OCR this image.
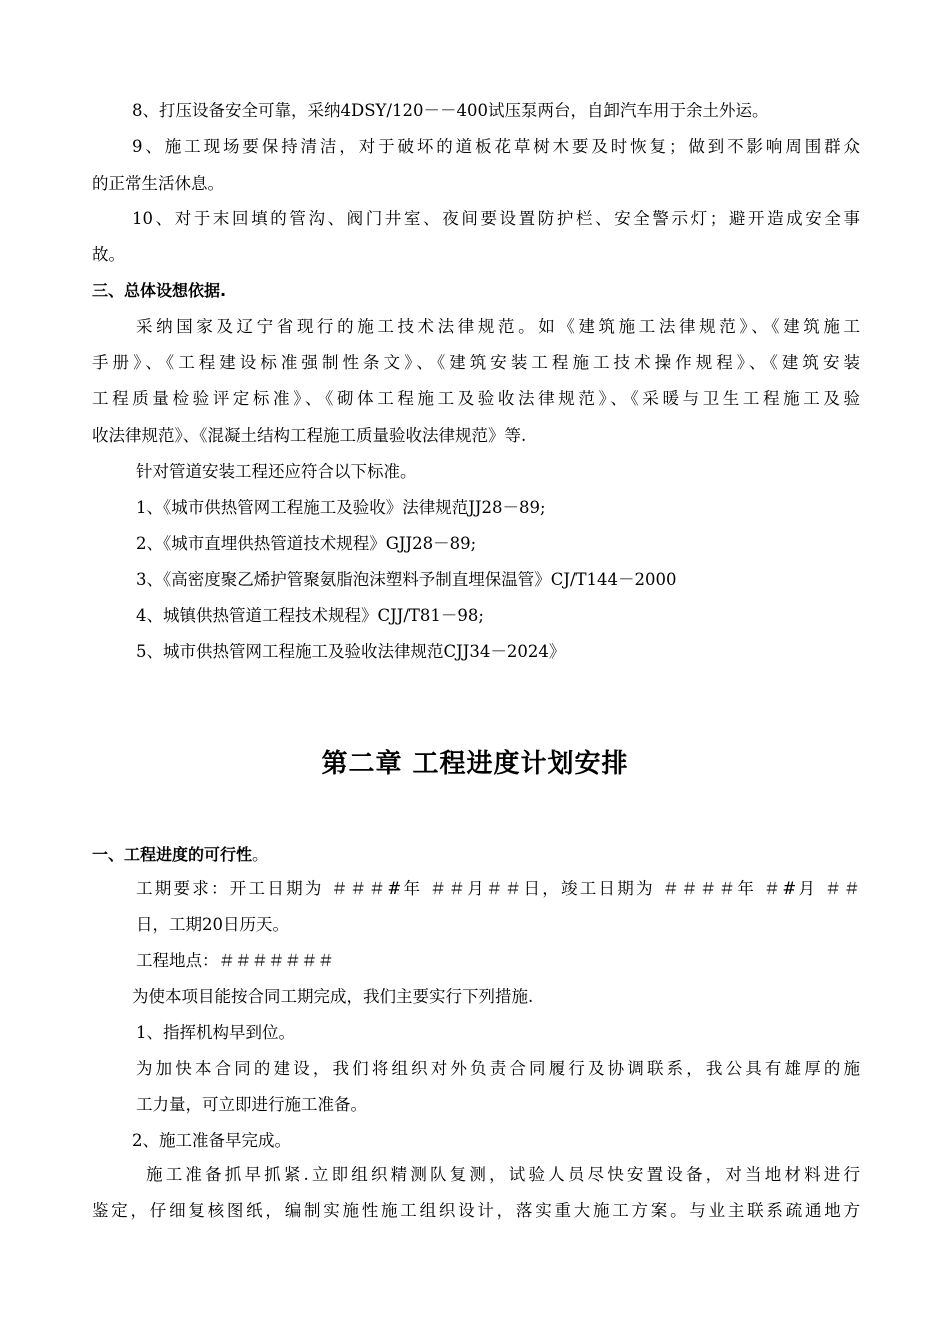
8、打压设备安全可靠，采纳4DSY/120－－400试压泵两台，自卸汽车用于余土外运。
9、施工现场要保持清洁，对于破坏的道板花草树木要及时恢复；做到不影响周围群众
的正常生活休息。
10、对于末回填的管沟、阀门井室、夜间要设置防护栏、安全警示灯；避开造成安全事
故。
三、总体设想依据.
采纳国家及辽宁省现行的施工技术法律规范。如《建筑施工法律规范》、《建筑施工
手册》、《工程建设标准强制性条文》、《建筑安装工程施工技术操作规程》、《建筑安装
工程质量检验评定标准》、《砌体工程施工及验收法律规范》、《采暖与卫生工程施工及验
收法律规范》、《混凝土结构工程施工质量验收法律规范》等.
针对管道安装工程还应符合以下标准。
1、《城市供热管网工程施工及验收》法律规范JJ28－89;
2、《城市直埋供热管道技术规程》GJJ28－89;
3、《高密度聚乙烯护管聚氨脂泡沫塑料予制直埋保温管》CJ/T144－2000
4、城镇供热管道工程技术规程》CJJ/T81－98;
5、城市供热管网工程施工及验收法律规范CJJ34－2024》
第二章 工程进度计划安排
一、工程进度的可行性。
工期要求：开工日期为 ＃＃＃#年 ＃＃月＃＃日，竣工日期为 ＃＃＃＃年 ＃#月 ＃＃
日，工期20日历天。
工程地点：＃＃＃＃＃＃＃
为使本项目能按合同工期完成，我们主要实行下列措施.
1、指挥机构早到位。
为加快本合同的建设，我们将组织对外负责合同履行及协调联系，我公具有雄厚的施
工力量，可立即进行施工准备。
2、施工准备早完成。
施工准备抓早抓紧.立即组织精测队复测，试验人员尽快安置设备，对当地材料进行
鉴定，仔细复核图纸，编制实施性施工组织设计，落实重大施工方案。与业主联系疏通地方
